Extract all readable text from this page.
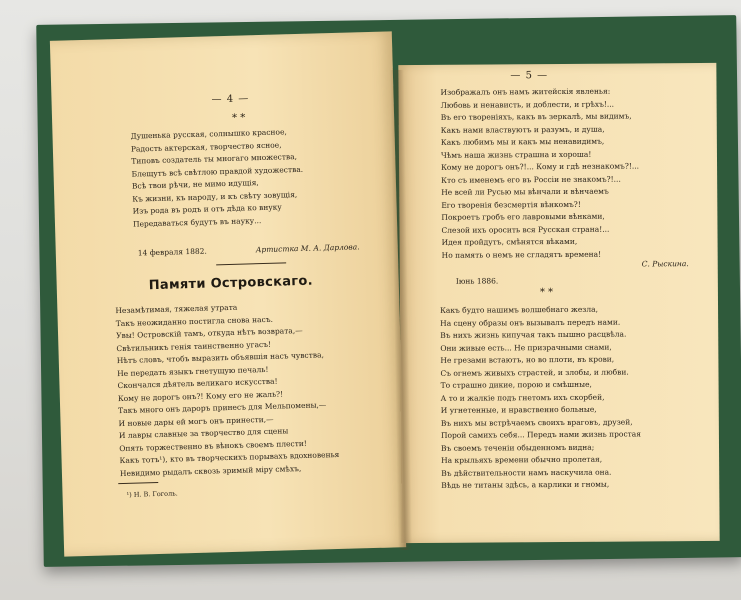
— 4 —
* *
Душенька русская, солнышко красное,
Радость актерская, творчество ясное,
Типовъ создатель ты многаго множества,
Блещутъ всѣ свѣтлою правдой художества.
Всѣ твои рѣчи, не мимо идущія,
Къ жизни, къ народу, и къ свѣту зовущія,
Изъ рода въ родъ и отъ дѣда ко внуку
Передаваться будутъ въ науку...
14 февраля 1882.	Артистка М. А. Дарлова.
Памяти Островскаго.
Незамѣтимая, тяжелая утрата
Такъ неожиданно постигла снова насъ.
Увы! Островскій тамъ, откуда нѣтъ возврата,—
Свѣтильникъ генія таинственно угасъ!
Нѣтъ словъ, чтобъ выразить объявшія насъ чувства,
Не передать языкъ гнетущую печаль!
Скончался дѣятель великаго искусства!
Кому не дорогъ онъ?! Кому его не жаль?!
Такъ много онъ дароръ принесъ для Мельпомены,—
И новые дары ей могъ онъ принести,—
И лавры славные за творчество для сцены
Опять торжественно въ вѣнокъ своемъ плести!
Какъ тотъ¹), кто въ творческихъ порывахъ вдохновенья
Невидимо рыдалъ сквозь зримый міру смѣхъ,
¹) Н. В. Гоголь.
— 5 —
Изображалъ онъ намъ житейскія явленья:
Любовь и ненависть, и доблести, и грѣхъ!...
Въ его твореніяхъ, какъ въ зеркалѣ, мы видимъ,
Какъ нами властвуютъ и разумъ, и душа,
Какъ любимъ мы и какъ мы ненавидимъ,
Чѣмъ наша жизнь страшна и хороша!
Кому не дорогъ онъ?!... Кому и гдѣ незнакомъ?!...
Кто съ именемъ его въ Россіи не знакомъ?!...
Не всей ли Русью мы вѣнчали и вѣнчаемъ
Его творенія безсмертія вѣнкомъ?!
Покроетъ гробъ его лавровыми вѣнками,
Слезой ихъ оросить вся Русская страна!...
Идея пройдутъ, смѣнятся вѣками,
Но память о немъ не сгладятъ времена!
С. Рыскина.
Іюнь 1886.
* *
Какъ будто нашимъ волшебнаго жезла,
На сцену образы онъ вызывалъ передъ нами.
Въ нихъ жизнь кипучая такъ пышно расцвѣла.
Они живые есть... Не призрачными снами,
Не грезами встаютъ, но во плоти, въ крови,
Съ огнемъ живыхъ страстей, и злобы, и любви.
То страшно дикие, порою и смѣшные,
А то и жалкіе подъ гнетомъ ихъ скорбей,
И угнетенные, и нравственно больные,
Въ нихъ мы встрѣчаемъ своихъ враговъ, друзей,
Порой самихъ себя... Передъ нами жизнь простая
Въ своемъ теченіи обыденномъ видна;
На крыльяхъ времени обычно пролетая,
Въ дѣйствительности намъ наскучила она.
Вѣдь не титаны здѣсь, а карлики и гномы,
